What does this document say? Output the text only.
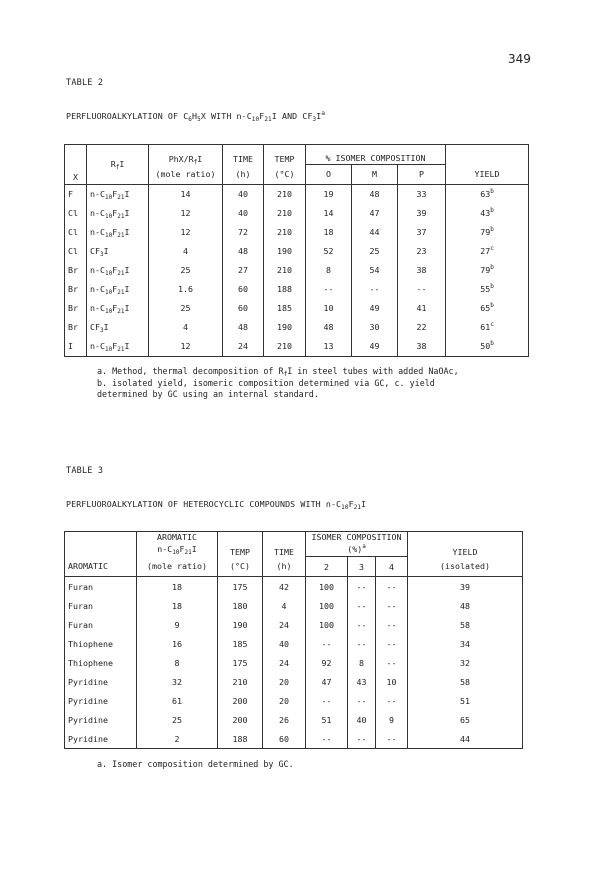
349
TABLE 2
PERFLUOROALKYLATION OF $C_6H_5X$ WITH $n-C_{10}F_{21}I$ AND $CF_3I^a$
X	$R_fI$	PhX/$R_fI$	TIME	TEMP				
					% ISOMER COMPOSITION			
		(mole ratio)	(h)	(°C)	O	M	P	YIELD
F	$n-C_{10}F_{21}I$	14	40	210	19	48	33	63$^b$
Cl	$n-C_{10}F_{21}I$	12	40	210	14	47	39	43$^b$
Cl	$n-C_{10}F_{21}I$	12	72	210	18	44	37	79$^b$
Cl	$CF_3I$	4	48	190	52	25	23	27$^c$
Br	$n-C_{10}F_{21}I$	25	27	210	8	54	38	79$^b$
Br	$n-C_{10}F_{21}I$	1.6	60	188	--	--	--	55$^b$
Br	$n-C_{10}F_{21}I$	25	60	185	10	49	41	65$^b$
Br	$CF_3I$	4	48	190	48	30	22	61$^c$
I	$n-C_{10}F_{21}I$	12	24	210	13	49	38	50$^b$
a. Method, thermal decomposition of $R_fI$ in steel tubes with added NaOAc,
b. isolated yield, isomeric composition determined via GC, c. yield
determined by GC using an internal standard.
TABLE 3
PERFLUOROALKYLATION OF HETEROCYCLIC COMPOUNDS WITH $n-C_{10}F_{21}I$
	AROMATIC	TEMP	TIME	ISOMER COMPOSITION			YIELD
	$n-C_{10}F_{21}I$			(%)$^a$
AROMATIC	(mole ratio)	(°C)	(h)	2	3	4	(isolated)
Furan	18	175	42	100	--	--	39
Furan	18	180	4	100	--	--	48
Furan	9	190	24	100	--	--	58
Thiophene	16	185	40	--	--	--	34
Thiophene	8	175	24	92	8	--	32
Pyridine	32	210	20	47	43	10	58
Pyridine	61	200	20	--	--	--	51
Pyridine	25	200	26	51	40	9	65
Pyridine	2	188	60	--	--	--	44
a. Isomer composition determined by GC.
